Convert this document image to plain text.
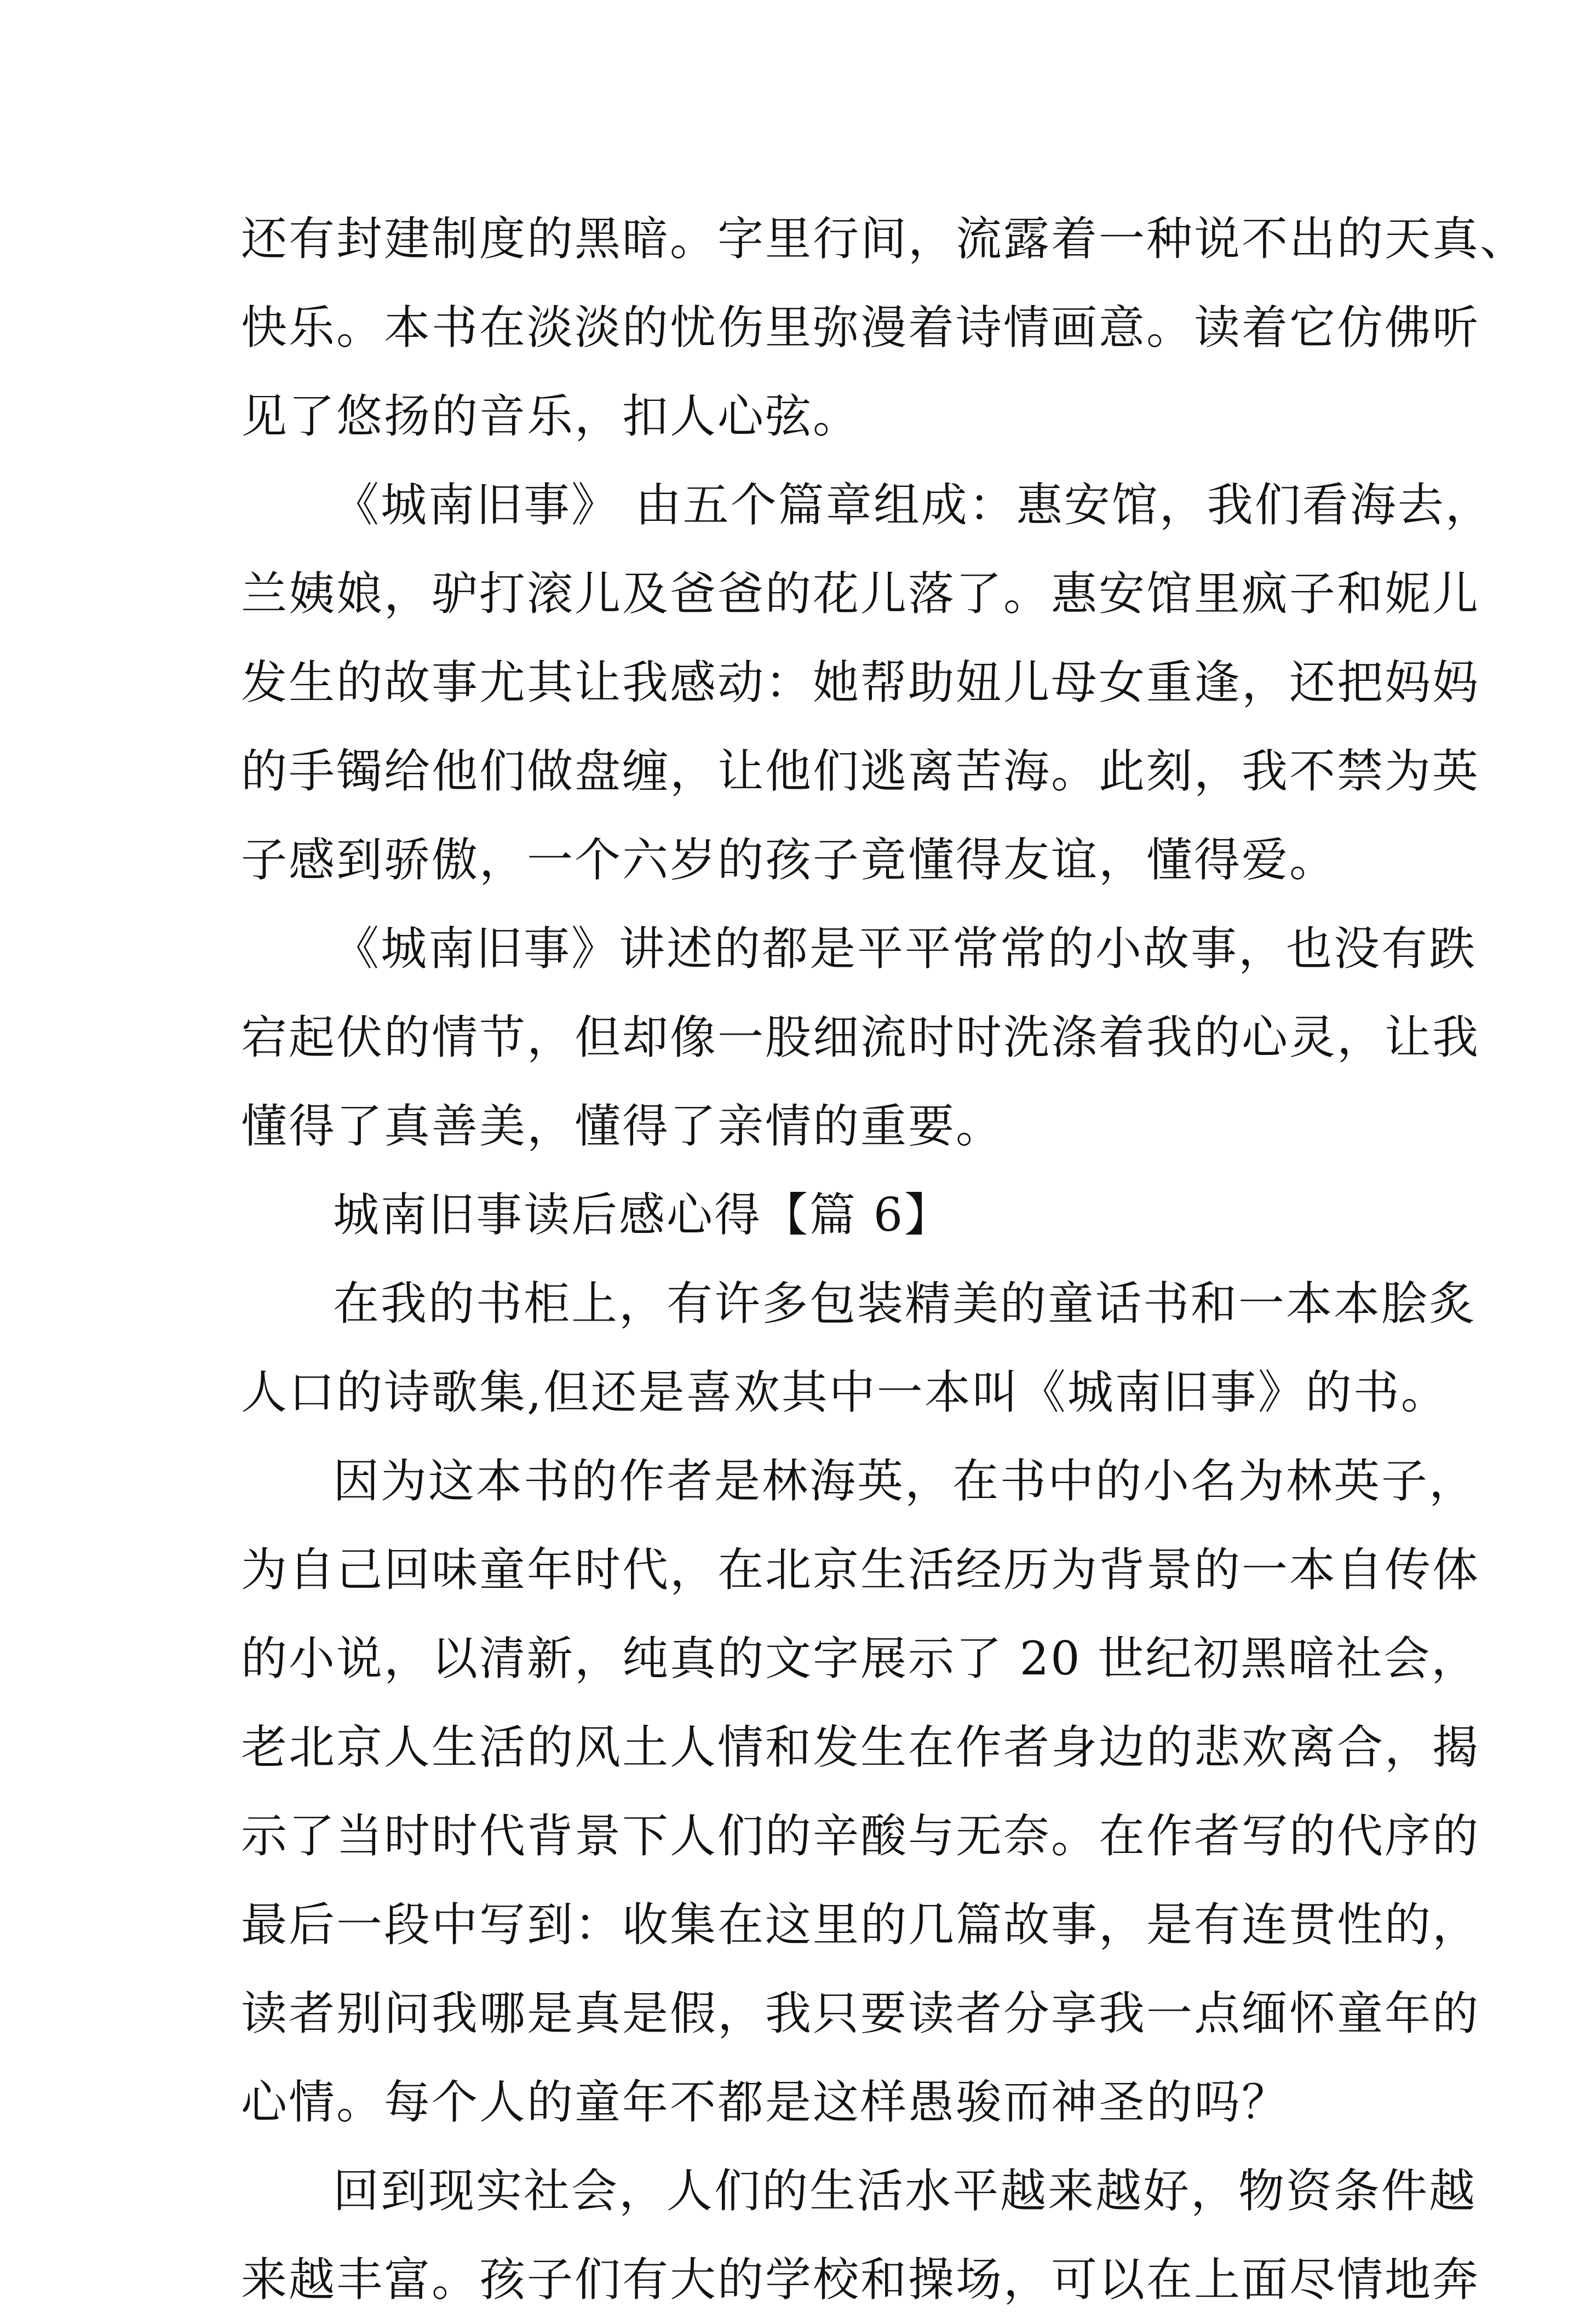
还有封建制度的黑暗。字里行间，流露着一种说不出的天真、
快乐。本书在淡淡的忧伤里弥漫着诗情画意。读着它仿佛听
见了悠扬的音乐，扣人心弦。
《城南旧事》 由五个篇章组成：惠安馆，我们看海去，
兰姨娘，驴打滚儿及爸爸的花儿落了。惠安馆里疯子和妮儿
发生的故事尤其让我感动：她帮助妞儿母女重逢，还把妈妈
的手镯给他们做盘缠，让他们逃离苦海。此刻，我不禁为英
子感到骄傲，一个六岁的孩子竟懂得友谊，懂得爱。
《城南旧事》讲述的都是平平常常的小故事，也没有跌
宕起伏的情节，但却像一股细流时时洗涤着我的心灵，让我
懂得了真善美，懂得了亲情的重要。
城南旧事读后感心得【篇 6】
在我的书柜上，有许多包装精美的童话书和一本本脍炙
人口的诗歌集,但还是喜欢其中一本叫《城南旧事》的书。
因为这本书的作者是林海英，在书中的小名为林英子，
为自己回味童年时代，在北京生活经历为背景的一本自传体
的小说，以清新，纯真的文字展示了 20 世纪初黑暗社会，
老北京人生活的风土人情和发生在作者身边的悲欢离合，揭
示了当时时代背景下人们的辛酸与无奈。在作者写的代序的
最后一段中写到：收集在这里的几篇故事，是有连贯性的，
读者别问我哪是真是假，我只要读者分享我一点缅怀童年的
心情。每个人的童年不都是这样愚骏而神圣的吗？
回到现实社会，人们的生活水平越来越好，物资条件越
来越丰富。孩子们有大的学校和操场，可以在上面尽情地奔
